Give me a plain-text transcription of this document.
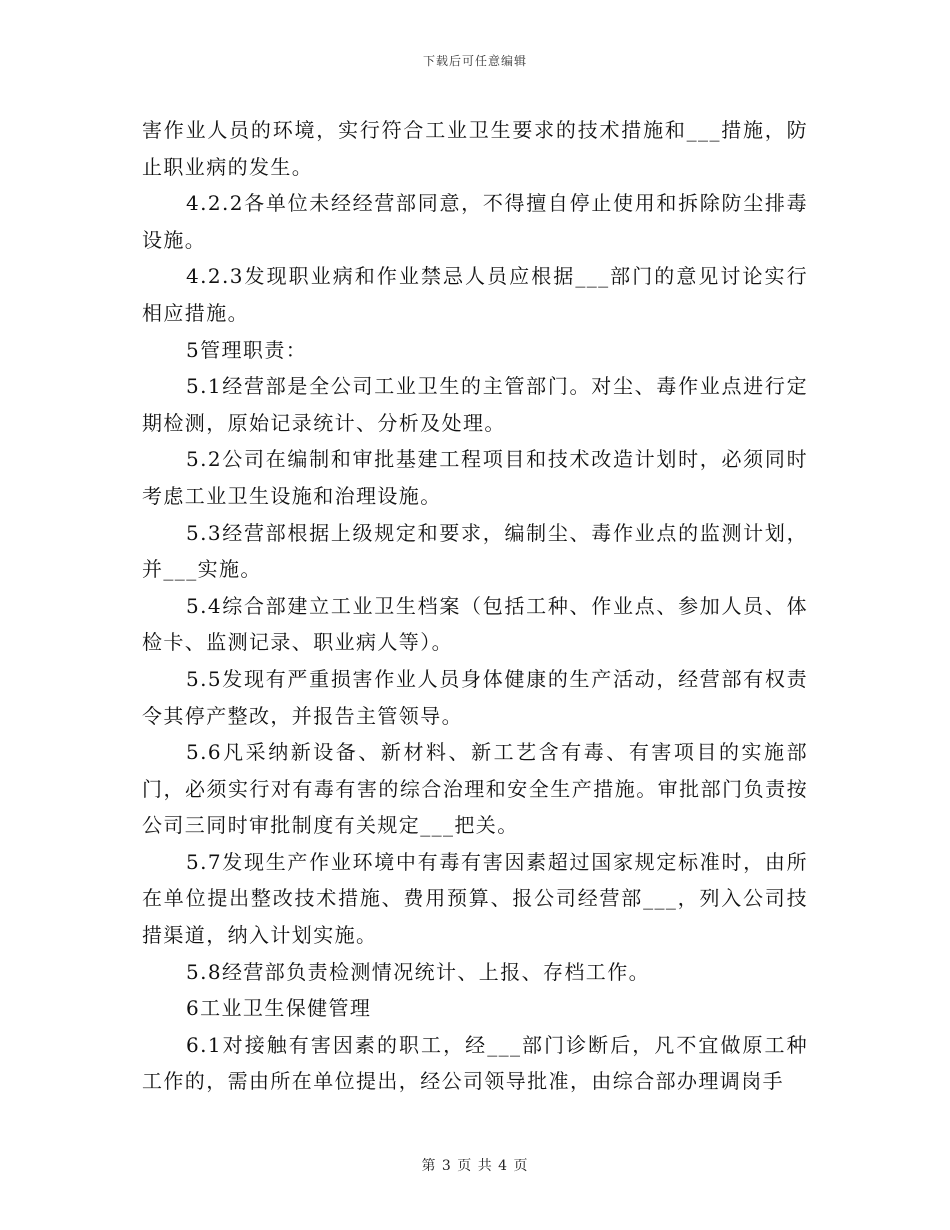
下载后可任意编辑

害作业人员的环境，实行符合工业卫生要求的技术措施和___措施，防止职业病的发生。

4.2.2各单位未经经营部同意，不得擅自停止使用和拆除防尘排毒设施。

4.2.3发现职业病和作业禁忌人员应根据___部门的意见讨论实行相应措施。

5管理职责：

5.1经营部是全公司工业卫生的主管部门。对尘、毒作业点进行定期检测，原始记录统计、分析及处理。

5.2公司在编制和审批基建工程项目和技术改造计划时，必须同时考虑工业卫生设施和治理设施。

5.3经营部根据上级规定和要求，编制尘、毒作业点的监测计划，并___实施。

5.4综合部建立工业卫生档案（包括工种、作业点、参加人员、体检卡、监测记录、职业病人等）。

5.5发现有严重损害作业人员身体健康的生产活动，经营部有权责令其停产整改，并报告主管领导。

5.6凡采纳新设备、新材料、新工艺含有毒、有害项目的实施部门，必须实行对有毒有害的综合治理和安全生产措施。审批部门负责按公司三同时审批制度有关规定___把关。

5.7发现生产作业环境中有毒有害因素超过国家规定标准时，由所在单位提出整改技术措施、费用预算、报公司经营部___，列入公司技措渠道，纳入计划实施。

5.8经营部负责检测情况统计、上报、存档工作。

6工业卫生保健管理

6.1对接触有害因素的职工，经___部门诊断后，凡不宜做原工种工作的，需由所在单位提出，经公司领导批准，由综合部办理调岗手

第 3 页 共 4 页
